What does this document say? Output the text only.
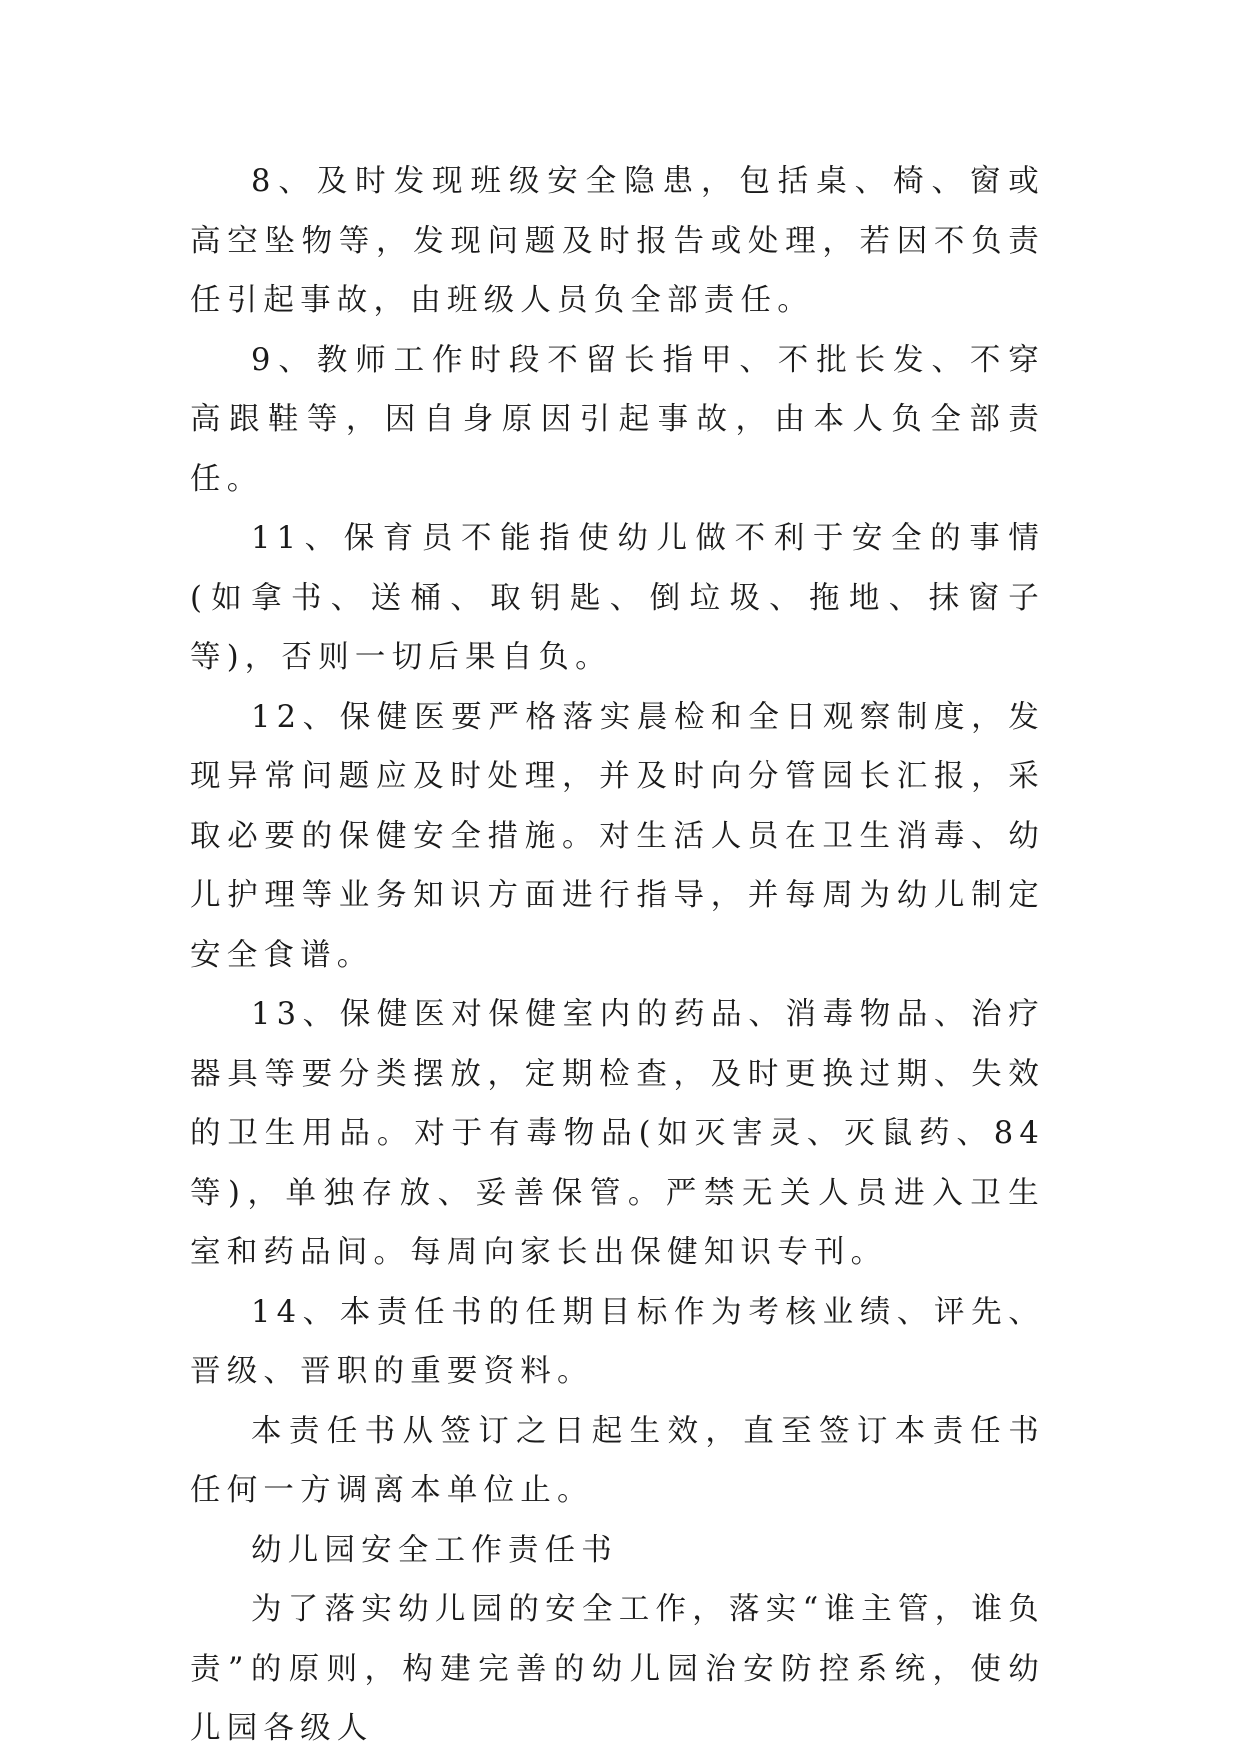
8、及时发现班级安全隐患，包括桌、椅、窗或高空坠物等，发现问题及时报告或处理，若因不负责任引起事故，由班级人员负全部责任。

9、教师工作时段不留长指甲、不批长发、不穿高跟鞋等，因自身原因引起事故，由本人负全部责任。

11、保育员不能指使幼儿做不利于安全的事情(如拿书、送桶、取钥匙、倒垃圾、拖地、抹窗子等)，否则一切后果自负。

12、保健医要严格落实晨检和全日观察制度，发现异常问题应及时处理，并及时向分管园长汇报，采取必要的保健安全措施。对生活人员在卫生消毒、幼儿护理等业务知识方面进行指导，并每周为幼儿制定安全食谱。

13、保健医对保健室内的药品、消毒物品、治疗器具等要分类摆放，定期检查，及时更换过期、失效的卫生用品。对于有毒物品(如灭害灵、灭鼠药、84等)，单独存放、妥善保管。严禁无关人员进入卫生室和药品间。每周向家长出保健知识专刊。

14、本责任书的任期目标作为考核业绩、评先、晋级、晋职的重要资料。

本责任书从签订之日起生效，直至签订本责任书任何一方调离本单位止。

幼儿园安全工作责任书

为了落实幼儿园的安全工作，落实“谁主管，谁负责”的原则，构建完善的幼儿园治安防控系统，使幼儿园各级人
